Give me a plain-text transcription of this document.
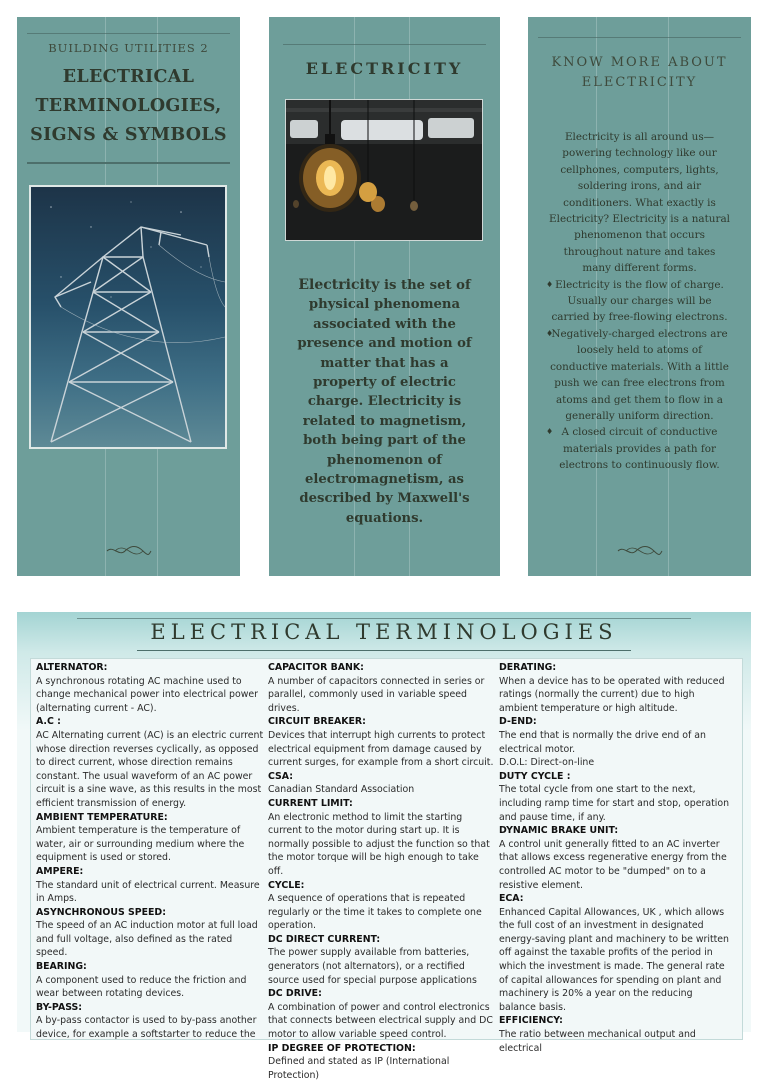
BUILDING UTILITIES 2
ELECTRICAL
TERMINOLOGIES,
SIGNS & SYMBOLS
ELECTRICITY
Electricity is the set of physical phenomena associated with the presence and motion of matter that has a property of electric charge. Electricity is related to magnetism, both being part of the phenomenon of electromagnetism, as described by Maxwell's equations.
KNOW MORE ABOUT
ELECTRICITY
Electricity is all around us—powering technology like our cellphones, computers, lights, soldering irons, and air conditioners. What exactly is Electricity? Electricity is a natural phenomenon that occurs throughout nature and takes many different forms.
♦ Electricity is the flow of charge. Usually our charges will be carried by free-flowing electrons.
♦ Negatively-charged electrons are loosely held to atoms of conductive materials. With a little push we can free electrons from atoms and get them to flow in a generally uniform direction.
♦ A closed circuit of conductive materials provides a path for electrons to continuously flow.
ELECTRICAL TERMINOLOGIES
ALTERNATOR:
A synchronous rotating AC machine used to change mechanical power into electrical power (alternating current - AC).
A.C :
AC Alternating current (AC) is an electric current whose direction reverses cyclically, as opposed to direct current, whose direction remains constant. The usual waveform of an AC power circuit is a sine wave, as this results in the most efficient transmission of energy.
AMBIENT TEMPERATURE:
Ambient temperature is the temperature of water, air or surrounding medium where the equipment is used or stored.
AMPERE:
The standard unit of electrical current. Measure in Amps.
ASYNCHRONOUS SPEED:
The speed of an AC induction motor at full load and full voltage, also defined as the rated speed.
BEARING:
A component used to reduce the friction and wear between rotating devices.
BY-PASS:
A by-pass contactor is used to by-pass another device, for example a softstarter to reduce the
CAPACITOR BANK:
A number of capacitors connected in series or parallel, commonly used in variable speed drives.
CIRCUIT BREAKER:
Devices that interrupt high currents to protect electrical equipment from damage caused by current surges, for example from a short circuit.
CSA:
Canadian Standard Association
CURRENT LIMIT:
An electronic method to limit the starting current to the motor during start up. It is normally possible to adjust the function so that the motor torque will be high enough to take off.
CYCLE:
A sequence of operations that is repeated regularly or the time it takes to complete one operation.
DC DIRECT CURRENT:
The power supply available from batteries, generators (not alternators), or a rectified source used for special purpose applications
DC DRIVE:
A combination of power and control electronics that connects between electrical supply and DC motor to allow variable speed control.
IP DEGREE OF PROTECTION:
Defined and stated as IP (International Protection)
DERATING:
When a device has to be operated with reduced ratings (normally the current) due to high ambient temperature or high altitude.
D-END:
The end that is normally the drive end of an electrical motor.
D.O.L: Direct-on-line
DUTY CYCLE :
The total cycle from one start to the next, including ramp time for start and stop, operation and pause time, if any.
DYNAMIC BRAKE UNIT:
A control unit generally fitted to an AC inverter that allows excess regenerative energy from the controlled AC motor to be "dumped" on to a resistive element.
ECA:
Enhanced Capital Allowances, UK , which allows the full cost of an investment in designated energy-saving plant and machinery to be written off against the taxable profits of the period in which the investment is made. The general rate of capital allowances for spending on plant and machinery is 20% a year on the reducing balance basis.
EFFICIENCY:
The ratio between mechanical output and electrical
